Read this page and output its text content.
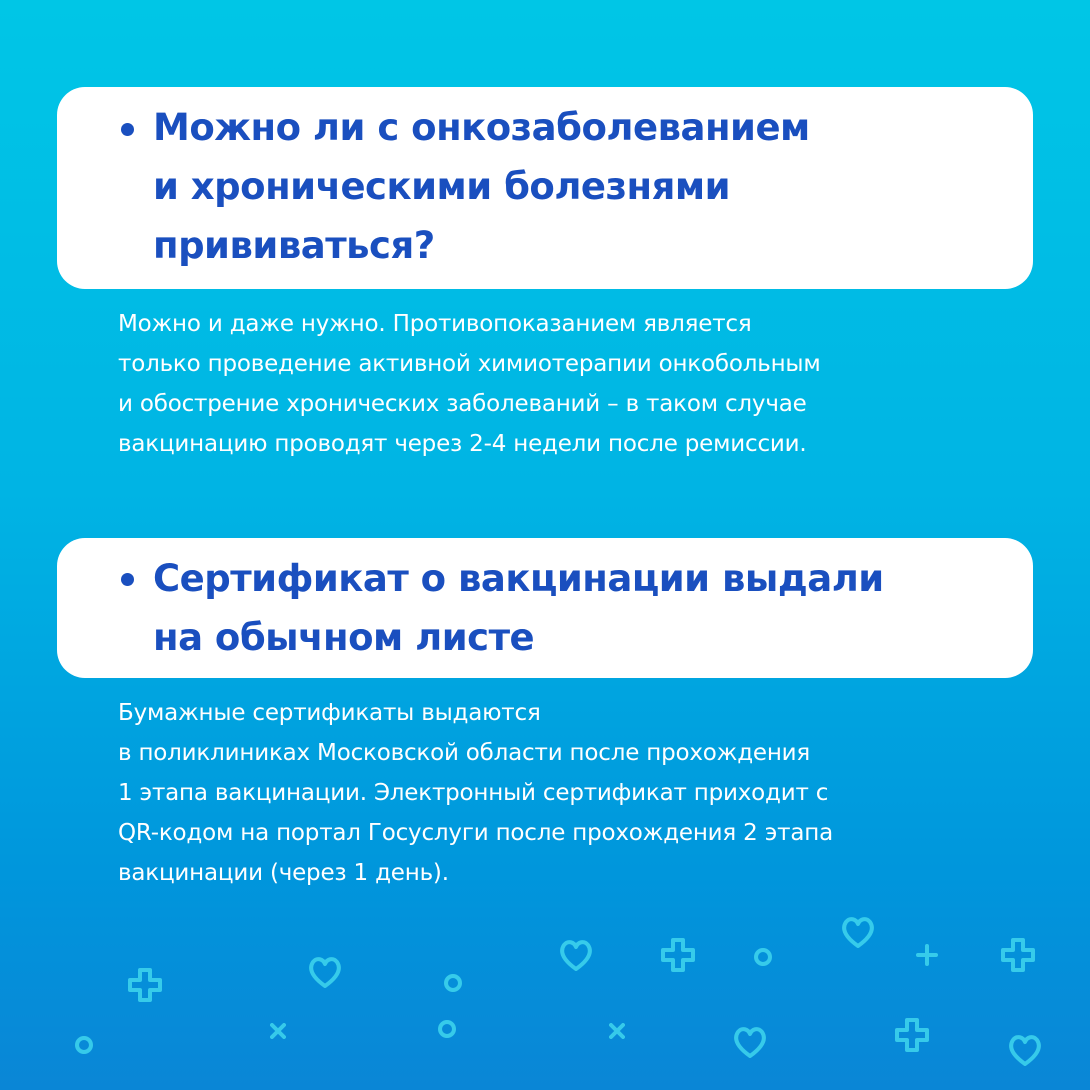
Можно ли с онкозаболеванием

и хроническими болезнями

прививаться?

Можно и даже нужно. Противопоказанием является

только проведение активной химиотерапии онкобольным

и обострение хронических заболеваний – в таком случае

вакцинацию проводят через 2-4 недели после ремиссии.

Сертификат о вакцинации выдали

на обычном листе

Бумажные сертификаты выдаются

в поликлиниках Московской области после прохождения

1 этапа вакцинации. Электронный сертификат приходит с

QR-кодом на портал Госуслуги после прохождения 2 этапа

вакцинации (через 1 день).
